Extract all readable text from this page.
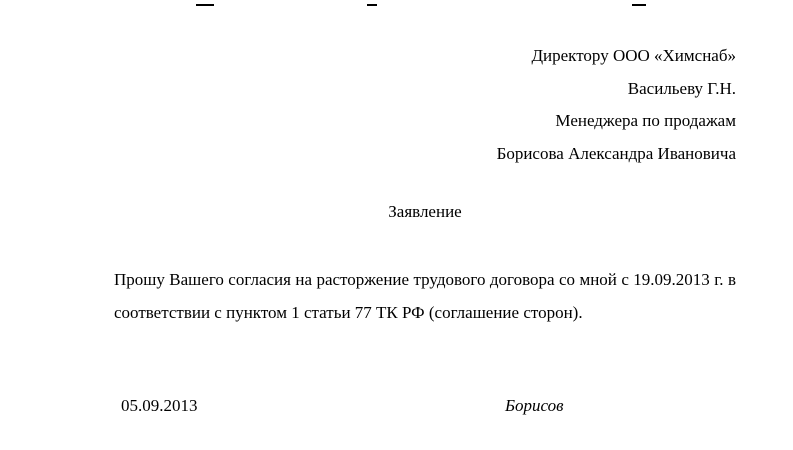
Директору ООО «Химснаб»
Васильеву Г.Н.
Менеджера по продажам
Борисова Александра Ивановича
Заявление
Прошу Вашего согласия на расторжение трудового договора со мной с 19.09.2013 г. в соответствии с пунктом 1 статьи 77 ТК РФ (соглашение сторон).
05.09.2013	Борисов
